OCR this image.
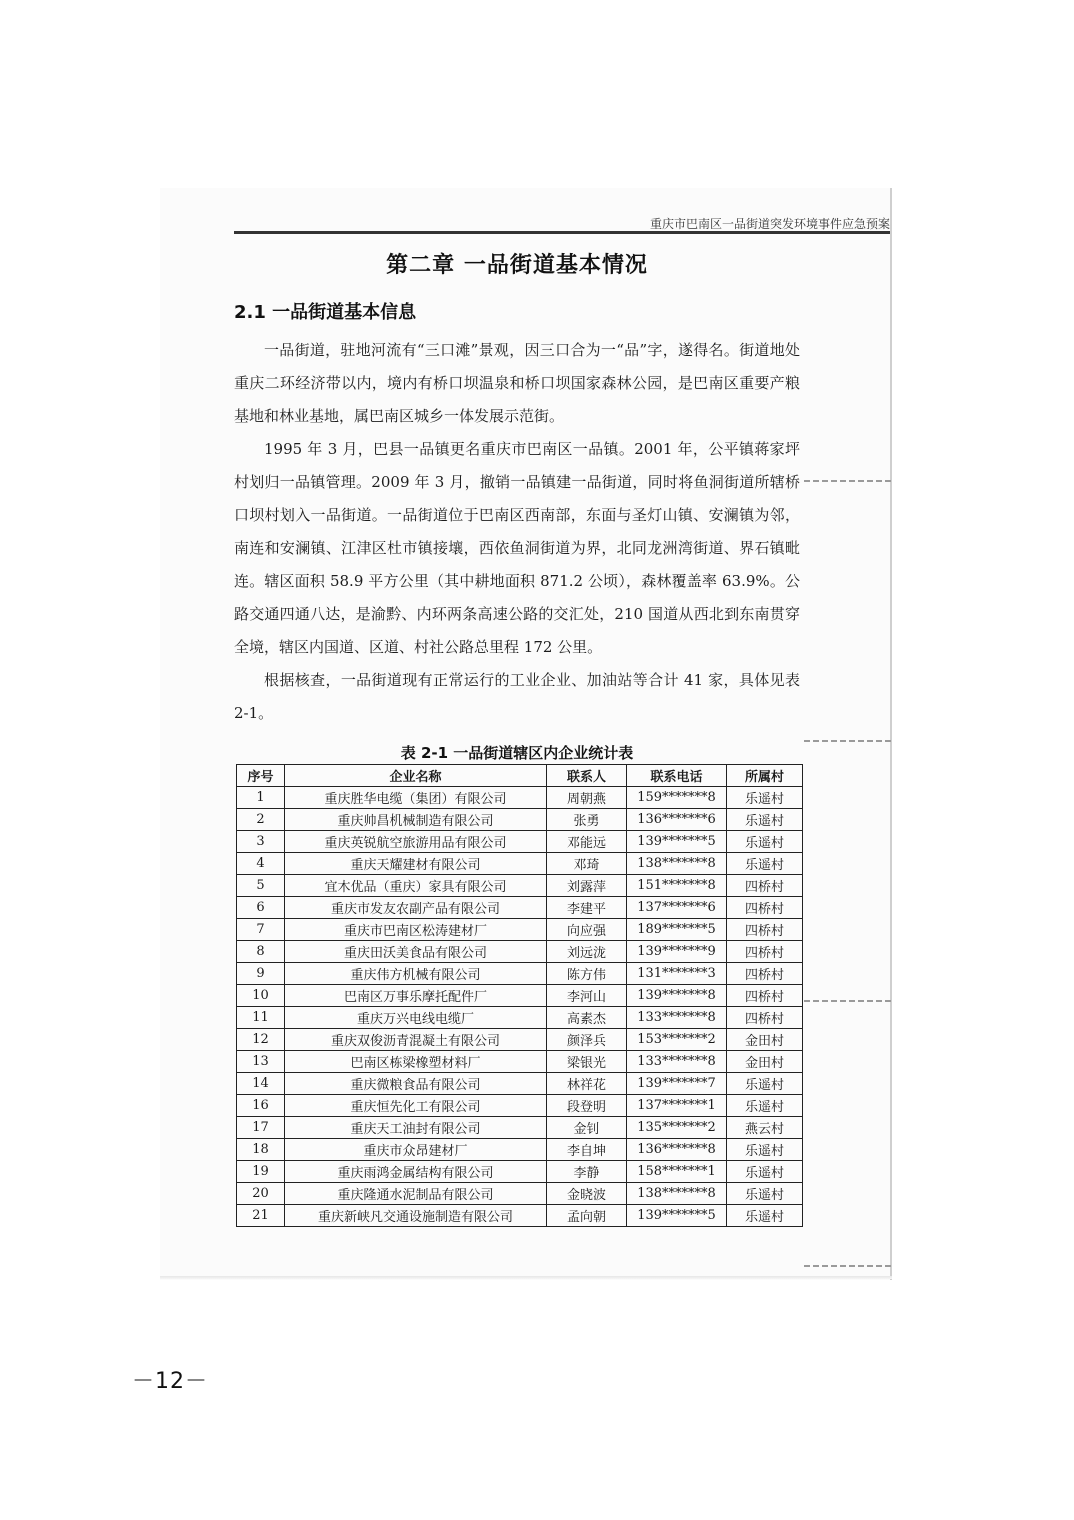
重庆市巴南区一品街道突发环境事件应急预案
第二章 一品街道基本情况
2.1 一品街道基本信息

一品街道，驻地河流有“三口滩”景观，因三口合为一“品”字，遂得名。街道地处重庆二环经济带以内，境内有桥口坝温泉和桥口坝国家森林公园，是巴南区重要产粮基地和林业基地，属巴南区城乡一体发展示范街。

1995 年 3 月，巴县一品镇更名重庆市巴南区一品镇。2001 年，公平镇蒋家坪村划归一品镇管理。2009 年 3 月，撤销一品镇建一品街道，同时将鱼洞街道所辖桥口坝村划入一品街道。一品街道位于巴南区西南部，东面与圣灯山镇、安澜镇为邻，南连和安澜镇、江津区杜市镇接壤，西依鱼洞街道为界，北同龙洲湾街道、界石镇毗连。辖区面积 58.9 平方公里（其中耕地面积 871.2 公顷），森林覆盖率 63.9%。公路交通四通八达，是渝黔、内环两条高速公路的交汇处，210 国道从西北到东南贯穿全境，辖区内国道、区道、村社公路总里程 172 公里。

根据核查，一品街道现有正常运行的工业企业、加油站等合计 41 家，具体见表 2-1。

表 2-1 一品街道辖区内企业统计表
序号	企业名称	联系人	联系电话	所属村
1	重庆胜华电缆（集团）有限公司	周朝燕	159*******8	乐遥村
2	重庆帅昌机械制造有限公司	张勇	136*******6	乐遥村
3	重庆英锐航空旅游用品有限公司	邓能远	139*******5	乐遥村
4	重庆天耀建材有限公司	邓琦	138*******8	乐遥村
5	宜木优品（重庆）家具有限公司	刘露萍	151*******8	四桥村
6	重庆市发友农副产品有限公司	李建平	137*******6	四桥村
7	重庆市巴南区松涛建材厂	向应强	189*******5	四桥村
8	重庆田沃美食品有限公司	刘远泷	139*******9	四桥村
9	重庆伟方机械有限公司	陈方伟	131*******3	四桥村
10	巴南区万事乐摩托配件厂	李河山	139*******8	四桥村
11	重庆万兴电线电缆厂	高素杰	133*******8	四桥村
12	重庆双俊沥青混凝土有限公司	颜泽兵	153*******2	金田村
13	巴南区栋梁橡塑材料厂	梁银光	133*******8	金田村
14	重庆微粮食品有限公司	林祥花	139*******7	乐遥村
16	重庆恒先化工有限公司	段登明	137*******1	乐遥村
17	重庆天工油封有限公司	金钊	135*******2	燕云村
18	重庆市众昂建材厂	李自坤	136*******8	乐遥村
19	重庆雨鸿金属结构有限公司	李静	158*******1	乐遥村
20	重庆隆通水泥制品有限公司	金晓波	138*******8	乐遥村
21	重庆新峡凡交通设施制造有限公司	孟向朝	139*******5	乐遥村
－12－
